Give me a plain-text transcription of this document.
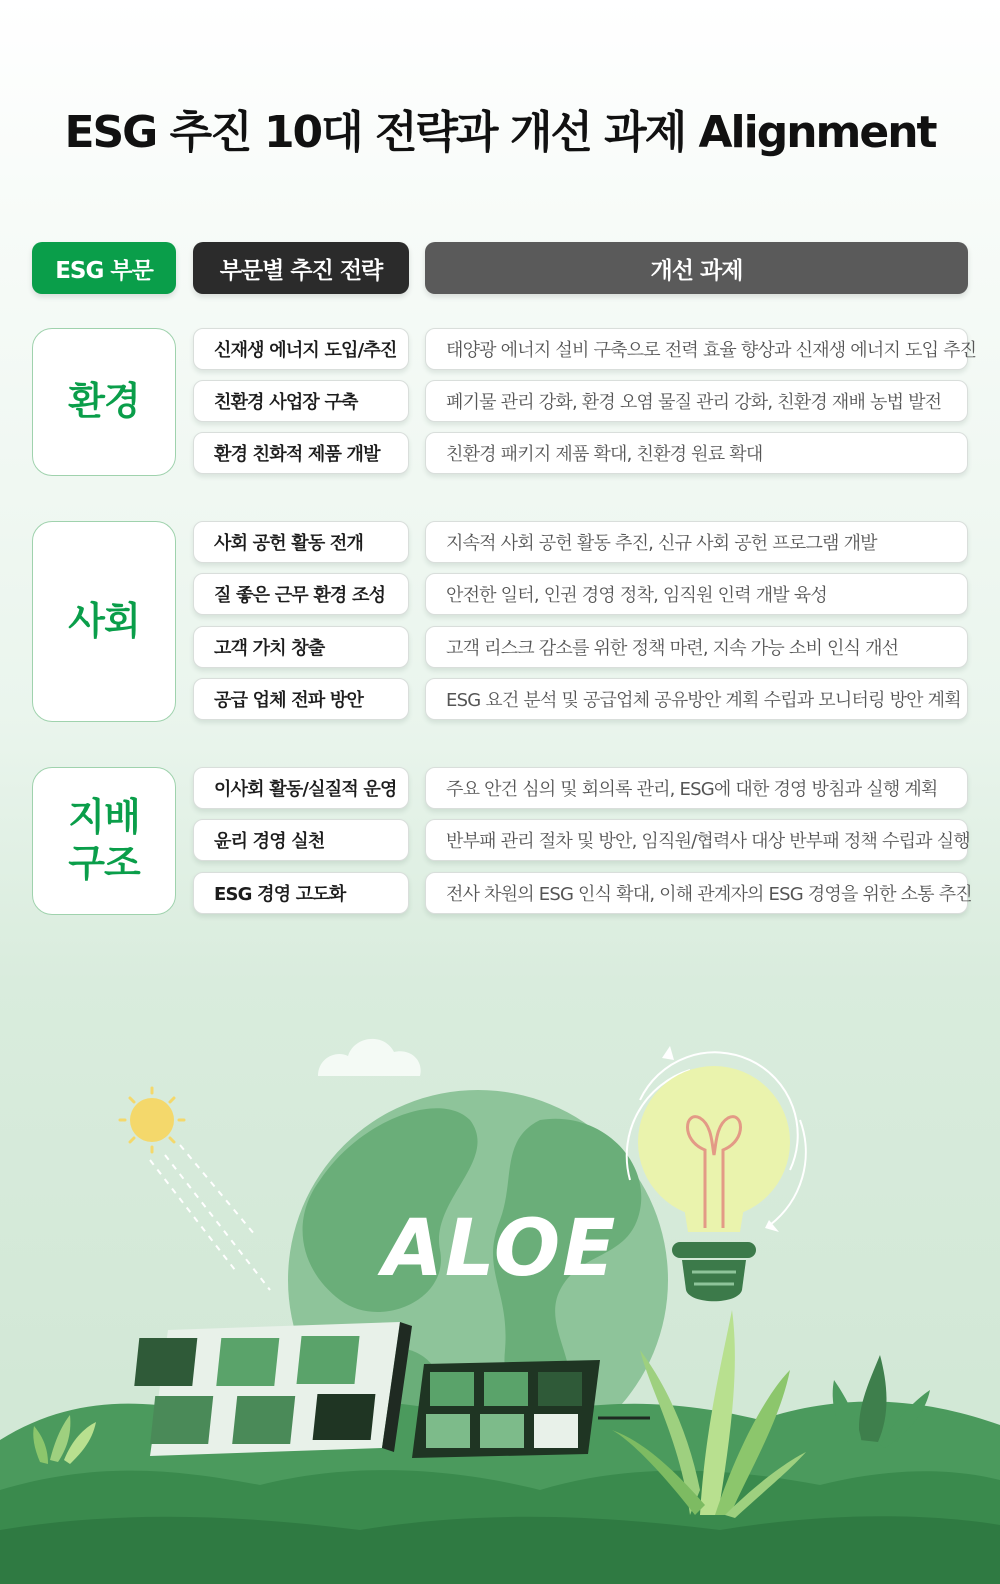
ESG 추진 10대 전략과 개선 과제 Alignment
ESG 부문	부문별 추진 전략	개선 과제
환경
신재생 에너지 도입/추진	태양광 에너지 설비 구축으로 전력 효율 향상과 신재생 에너지 도입 추진
친환경 사업장 구축	폐기물 관리 강화, 환경 오염 물질 관리 강화, 친환경 재배 농법 발전
환경 친화적 제품 개발	친환경 패키지 제품 확대, 친환경 원료 확대
사회
사회 공헌 활동 전개	지속적 사회 공헌 활동 추진, 신규 사회 공헌 프로그램 개발
질 좋은 근무 환경 조성	안전한 일터, 인권 경영 정착, 임직원 인력 개발 육성
고객 가치 창출	고객 리스크 감소를 위한 정책 마련, 지속 가능 소비 인식 개선
공급 업체 전파 방안	ESG 요건 분석 및 공급업체 공유방안 계획 수립과 모니터링 방안 계획
지배
구조
이사회 활동/실질적 운영	주요 안건 심의 및 회의록 관리, ESG에 대한 경영 방침과 실행 계획
윤리 경영 실천	반부패 관리 절차 및 방안, 임직원/협력사 대상 반부패 정책 수립과 실행
ESG 경영 고도화	전사 차원의 ESG 인식 확대, 이해 관계자의 ESG 경영을 위한 소통 추진
ALOE
